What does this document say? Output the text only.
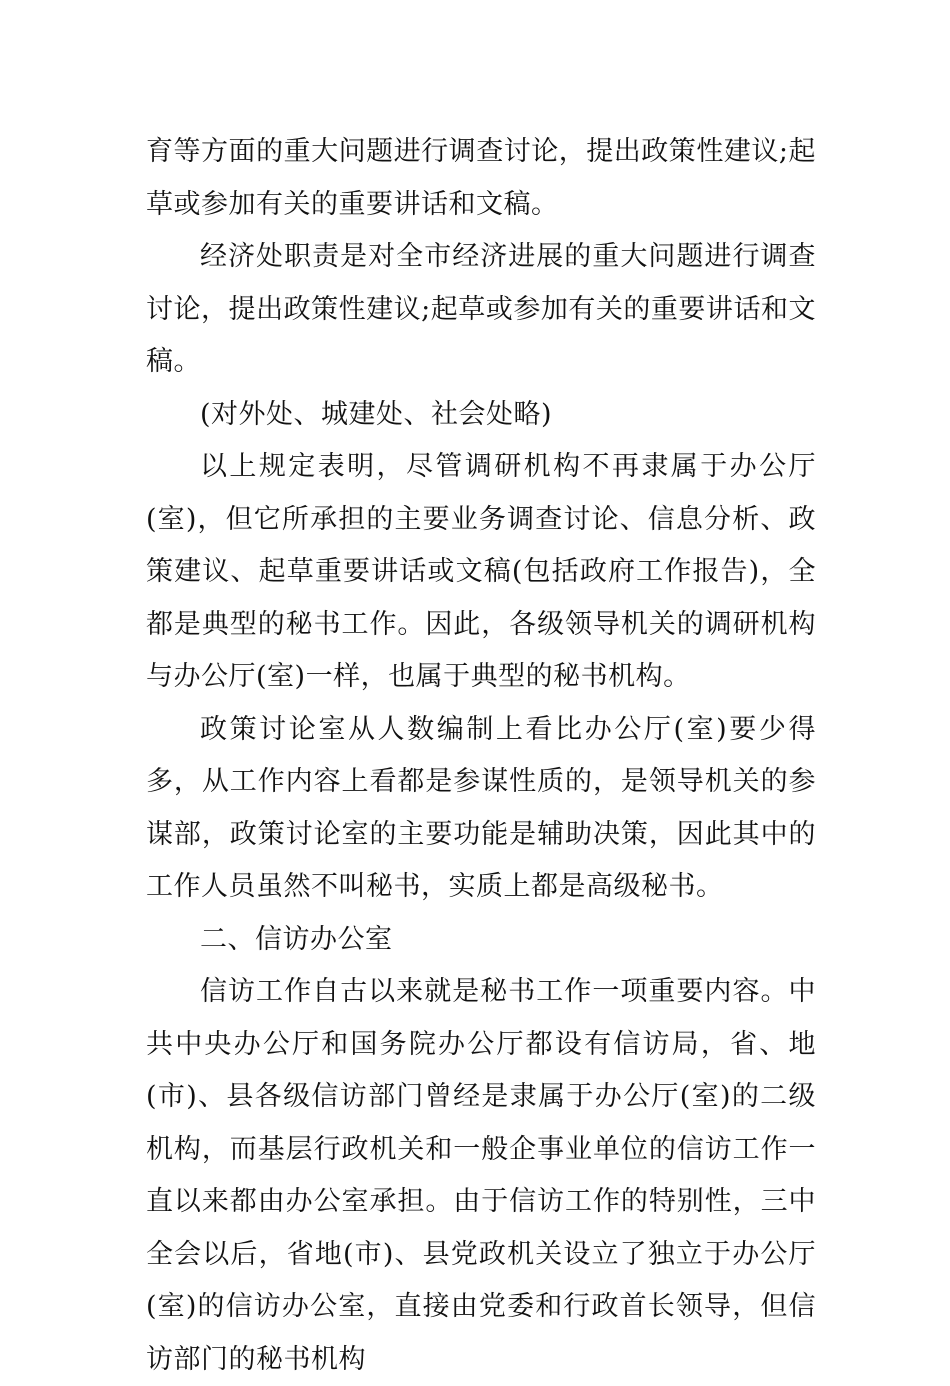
育等方面的重大问题进行调查讨论，提出政策性建议;起草或参加有关的重要讲话和文稿。

经济处职责是对全市经济进展的重大问题进行调查讨论，提出政策性建议;起草或参加有关的重要讲话和文稿。

(对外处、城建处、社会处略)

以上规定表明，尽管调研机构不再隶属于办公厅(室)，但它所承担的主要业务调查讨论、信息分析、政策建议、起草重要讲话或文稿(包括政府工作报告)，全都是典型的秘书工作。因此，各级领导机关的调研机构与办公厅(室)一样，也属于典型的秘书机构。

政策讨论室从人数编制上看比办公厅(室)要少得多，从工作内容上看都是参谋性质的，是领导机关的参谋部，政策讨论室的主要功能是辅助决策，因此其中的工作人员虽然不叫秘书，实质上都是高级秘书。

二、信访办公室

信访工作自古以来就是秘书工作一项重要内容。中共中央办公厅和国务院办公厅都设有信访局，省、地(市)、县各级信访部门曾经是隶属于办公厅(室)的二级机构，而基层行政机关和一般企事业单位的信访工作一直以来都由办公室承担。由于信访工作的特别性，三中全会以后，省地(市)、县党政机关设立了独立于办公厅(室)的信访办公室，直接由党委和行政首长领导，但信访部门的秘书机构
